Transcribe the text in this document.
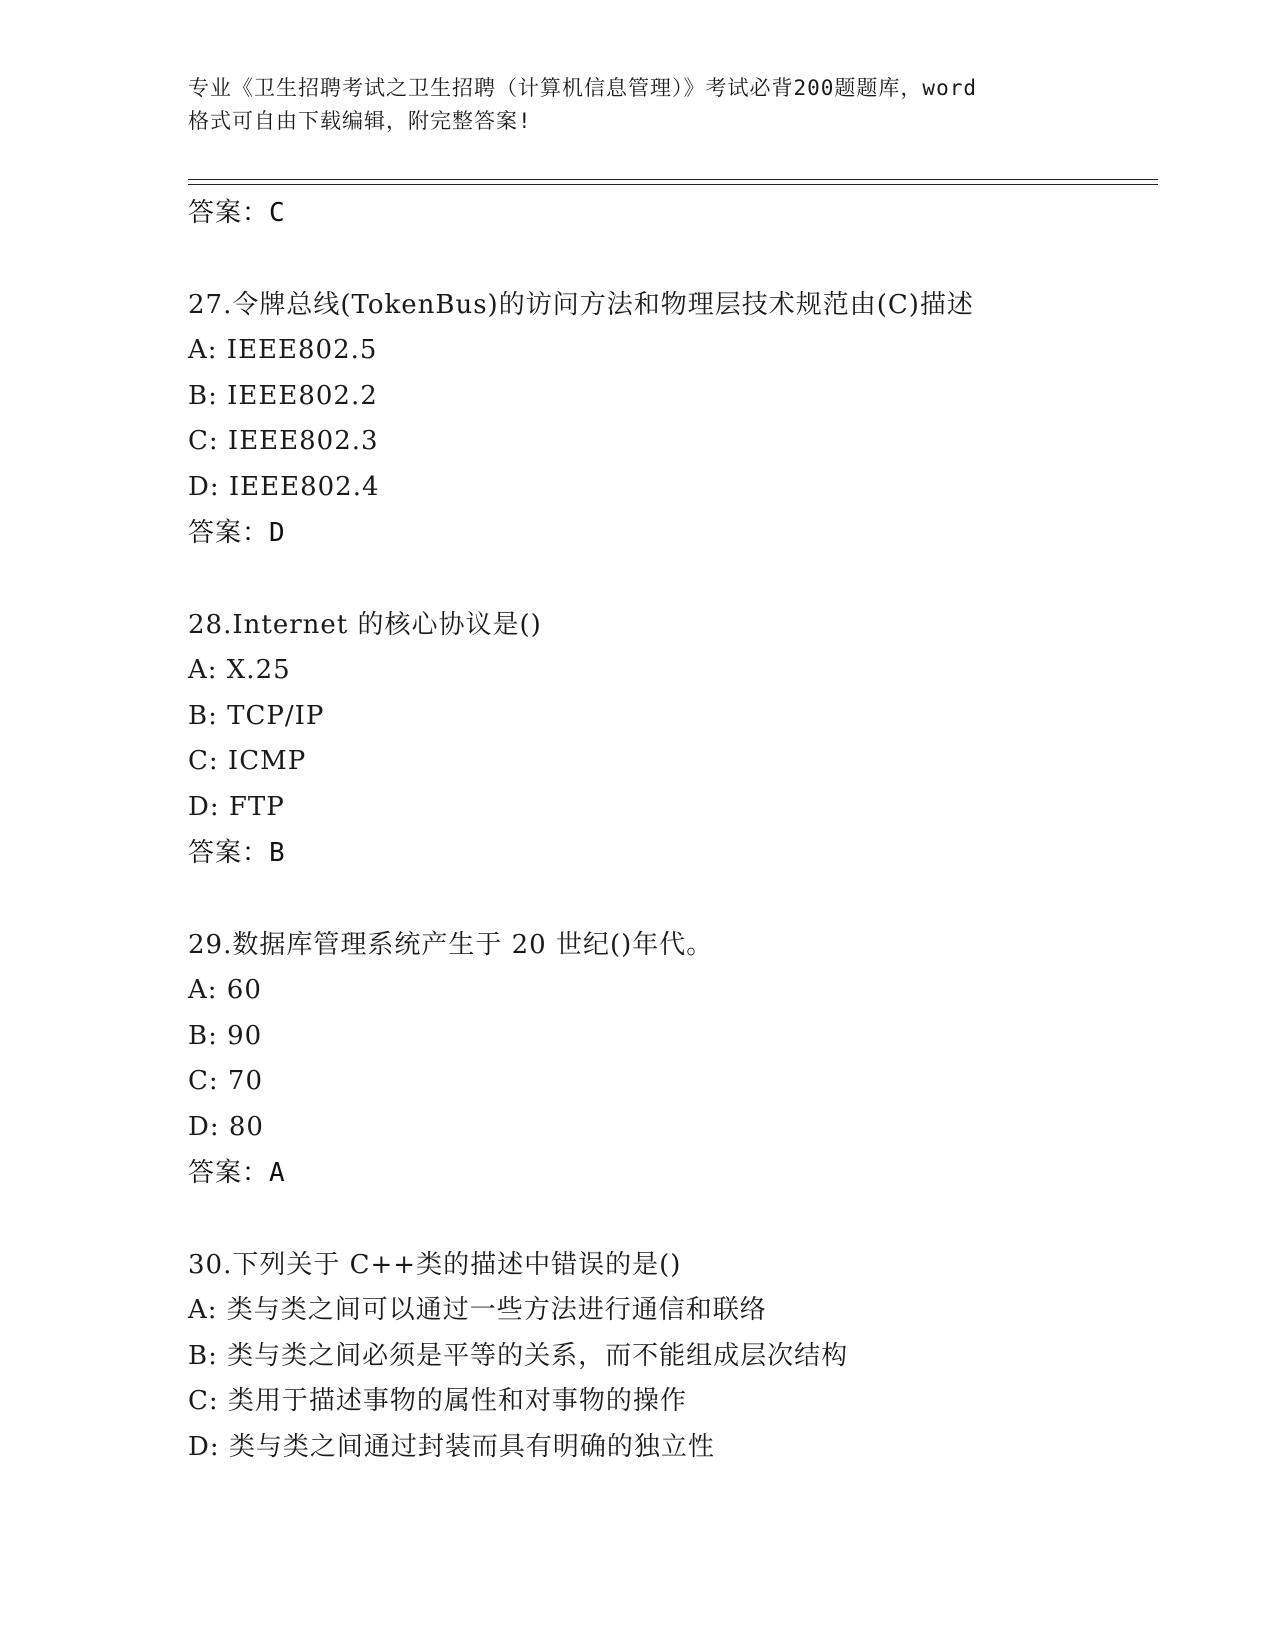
专业《卫生招聘考试之卫生招聘（计算机信息管理）》考试必背200题题库，word
格式可自由下载编辑，附完整答案!
答案：C
27.令牌总线(TokenBus)的访问方法和物理层技术规范由(C)描述
A: IEEE802.5
B: IEEE802.2
C: IEEE802.3
D: IEEE802.4
答案：D
28.Internet 的核心协议是()
A: X.25
B: TCP/IP
C: ICMP
D: FTP
答案：B
29.数据库管理系统产生于 20 世纪()年代。
A: 60
B: 90
C: 70
D: 80
答案：A
30.下列关于 C++类的描述中错误的是()
A: 类与类之间可以通过一些方法进行通信和联络
B: 类与类之间必须是平等的关系，而不能组成层次结构
C: 类用于描述事物的属性和对事物的操作
D: 类与类之间通过封装而具有明确的独立性
